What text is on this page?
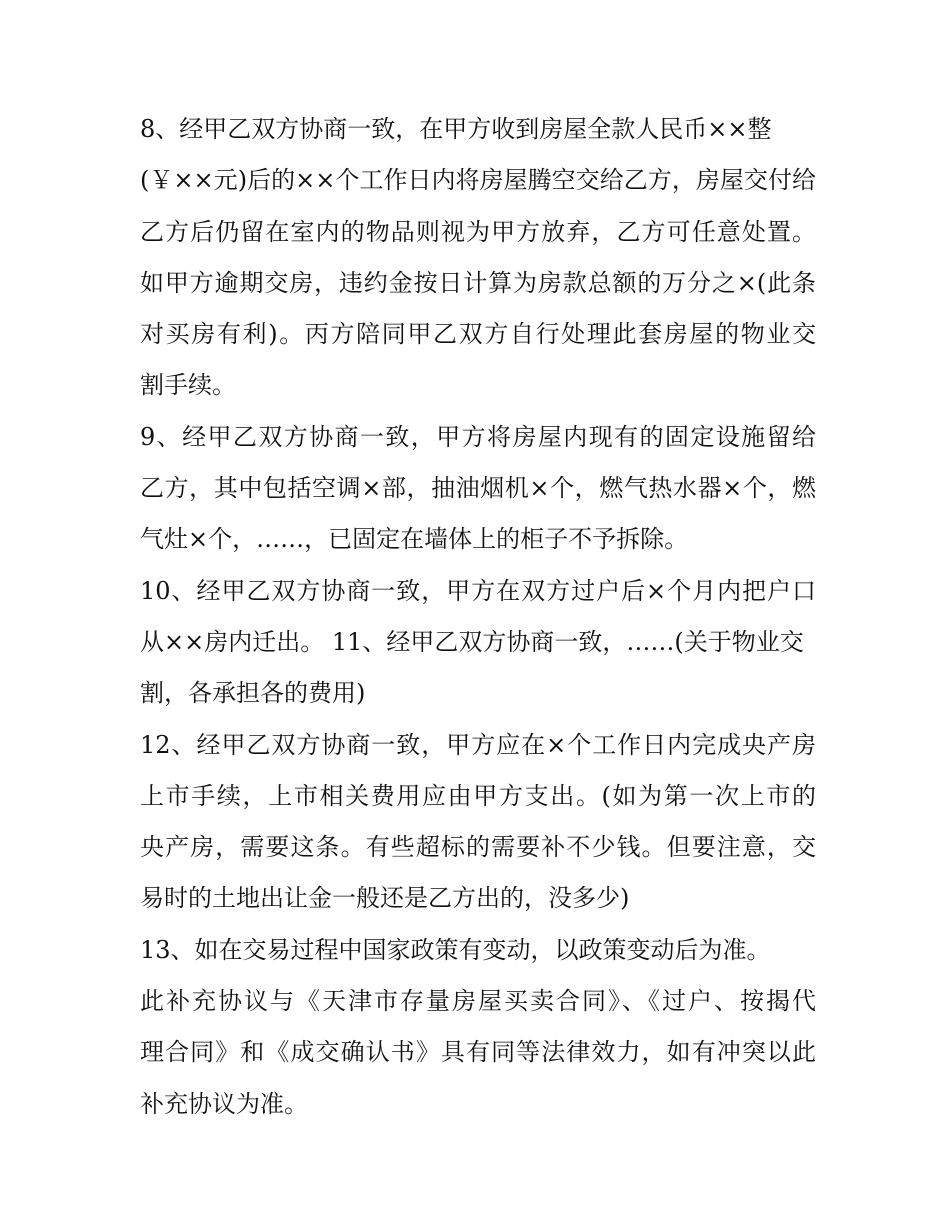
8、经甲乙双方协商一致，在甲方收到房屋全款人民币××整
(￥××元)后的××个工作日内将房屋腾空交给乙方，房屋交付给
乙方后仍留在室内的物品则视为甲方放弃，乙方可任意处置。
如甲方逾期交房，违约金按日计算为房款总额的万分之×(此条
对买房有利)。丙方陪同甲乙双方自行处理此套房屋的物业交
割手续。
9、经甲乙双方协商一致，甲方将房屋内现有的固定设施留给
乙方，其中包括空调×部，抽油烟机×个，燃气热水器×个，燃
气灶×个，……，已固定在墙体上的柜子不予拆除。
10、经甲乙双方协商一致，甲方在双方过户后×个月内把户口
从××房内迁出。 11、经甲乙双方协商一致，……(关于物业交
割，各承担各的费用)
12、经甲乙双方协商一致，甲方应在×个工作日内完成央产房
上市手续，上市相关费用应由甲方支出。(如为第一次上市的
央产房，需要这条。有些超标的需要补不少钱。但要注意，交
易时的土地出让金一般还是乙方出的，没多少)
13、如在交易过程中国家政策有变动，以政策变动后为准。
此补充协议与《天津市存量房屋买卖合同》、《过户、按揭代
理合同》和《成交确认书》具有同等法律效力，如有冲突以此
补充协议为准。
